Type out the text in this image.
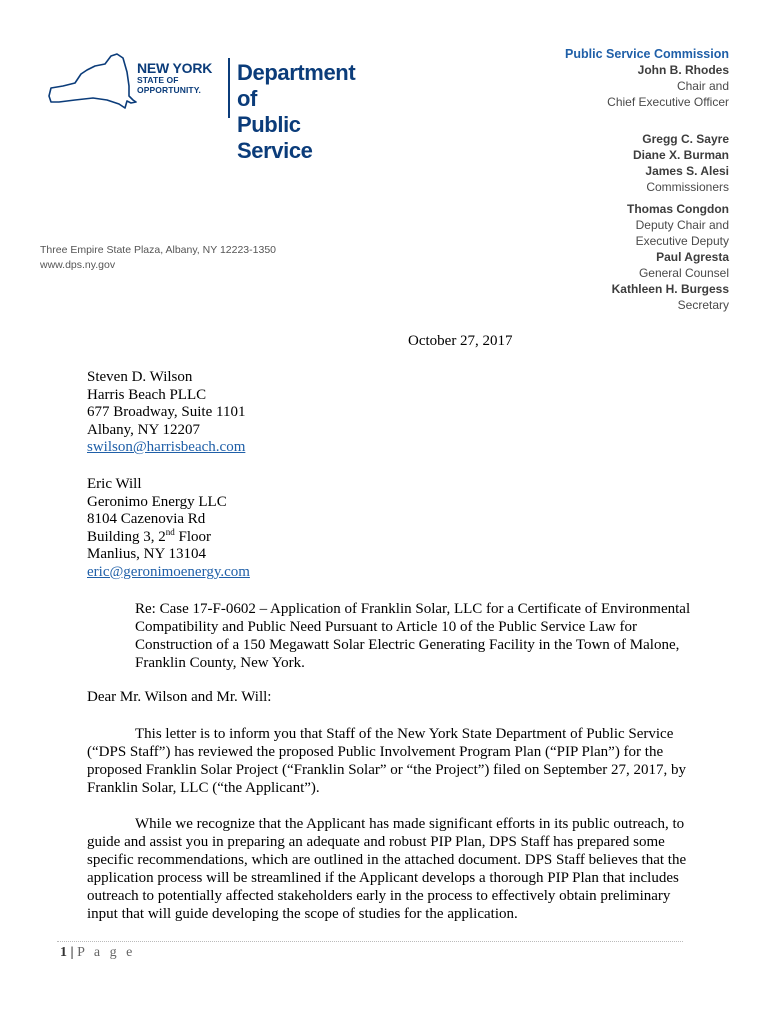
NEW YORK
STATE OF
OPPORTUNITY.
Department of
Public Service
Three Empire State Plaza, Albany, NY 12223-1350
www.dps.ny.gov
Public Service Commission
John B. Rhodes
Chair and
Chief Executive Officer
Gregg C. Sayre
Diane X. Burman
James S. Alesi
Commissioners
Thomas Congdon
Deputy Chair and
Executive Deputy
Paul Agresta
General Counsel
Kathleen H. Burgess
Secretary
October 27, 2017
Steven D. Wilson
Harris Beach PLLC
677 Broadway, Suite 1101
Albany, NY 12207
swilson@harrisbeach.com
Eric Will
Geronimo Energy LLC
8104 Cazenovia Rd
Building 3, 2nd Floor
Manlius, NY 13104
eric@geronimoenergy.com
Re: Case 17-F-0602 – Application of Franklin Solar, LLC for a Certificate of Environmental Compatibility and Public Need Pursuant to Article 10 of the Public Service Law for Construction of a 150 Megawatt Solar Electric Generating Facility in the Town of Malone, Franklin County, New York.
Dear Mr. Wilson and Mr. Will:
This letter is to inform you that Staff of the New York State Department of Public Service (“DPS Staff”) has reviewed the proposed Public Involvement Program Plan (“PIP Plan”) for the proposed Franklin Solar Project (“Franklin Solar” or “the Project”) filed on September 27, 2017, by Franklin Solar, LLC (“the Applicant”).
While we recognize that the Applicant has made significant efforts in its public outreach, to guide and assist you in preparing an adequate and robust PIP Plan, DPS Staff has prepared some specific recommendations, which are outlined in the attached document. DPS Staff believes that the application process will be streamlined if the Applicant develops a thorough PIP Plan that includes outreach to potentially affected stakeholders early in the process to effectively obtain preliminary input that will guide developing the scope of studies for the application.
1 | P a g e
